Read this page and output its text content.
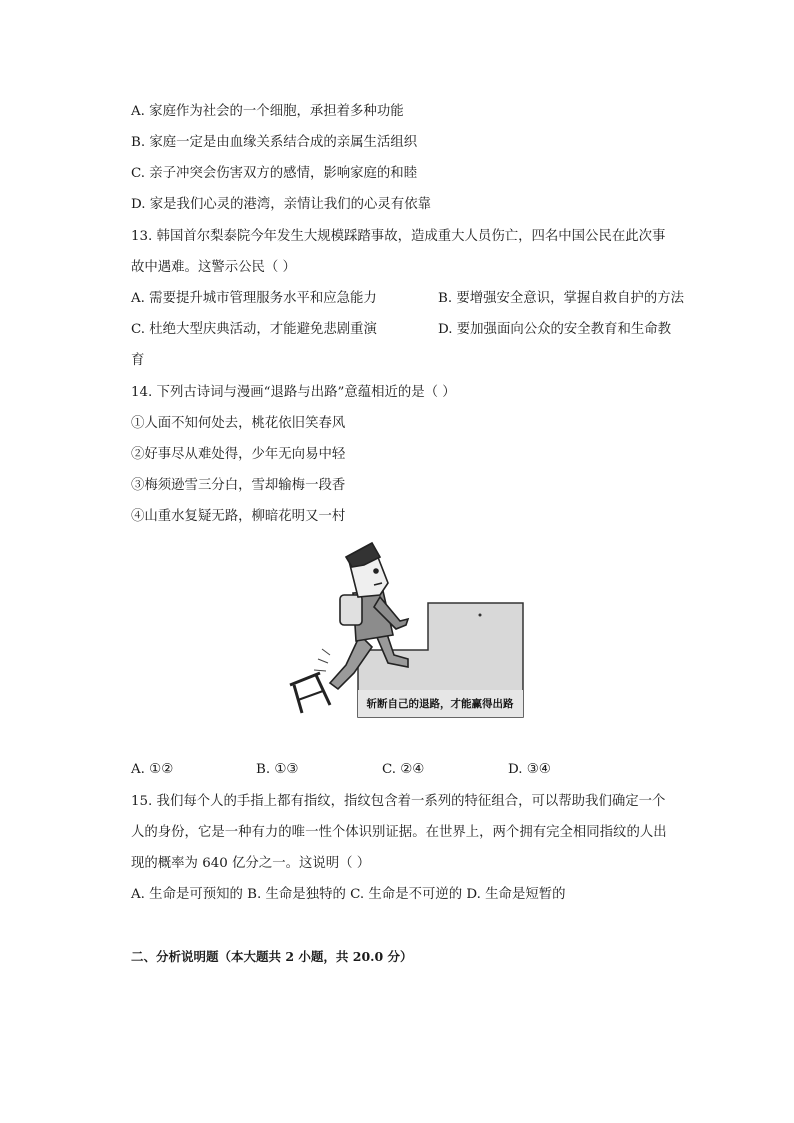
A. 家庭作为社会的一个细胞，承担着多种功能
B. 家庭一定是由血缘关系结合成的亲属生活组织
C. 亲子冲突会伤害双方的感情，影响家庭的和睦
D. 家是我们心灵的港湾，亲情让我们的心灵有依靠
13. 韩国首尔梨泰院今年发生大规模踩踏事故，造成重大人员伤亡，四名中国公民在此次事
故中遇难。这警示公民（ ）
A. 需要提升城市管理服务水平和应急能力	B. 要增强安全意识，掌握自救自护的方法
C. 杜绝大型庆典活动，才能避免悲剧重演	D. 要加强面向公众的安全教育和生命教
育
14. 下列古诗词与漫画“退路与出路”意蕴相近的是（ ）
①人面不知何处去，桃花依旧笑春风
②好事尽从难处得，少年无向易中轻
③梅须逊雪三分白，雪却输梅一段香
④山重水复疑无路，柳暗花明又一村
斩断自己的退路，才能赢得出路
A. ①②	B. ①③	C. ②④	D. ③④
15. 我们每个人的手指上都有指纹，指纹包含着一系列的特征组合，可以帮助我们确定一个
人的身份，它是一种有力的唯一性个体识别证据。在世界上，两个拥有完全相同指纹的人出
现的概率为 640 亿分之一。这说明（ ）
A. 生命是可预知的 B. 生命是独特的 C. 生命是不可逆的 D. 生命是短暂的
二、分析说明题（本大题共 2 小题，共 20.0 分）
